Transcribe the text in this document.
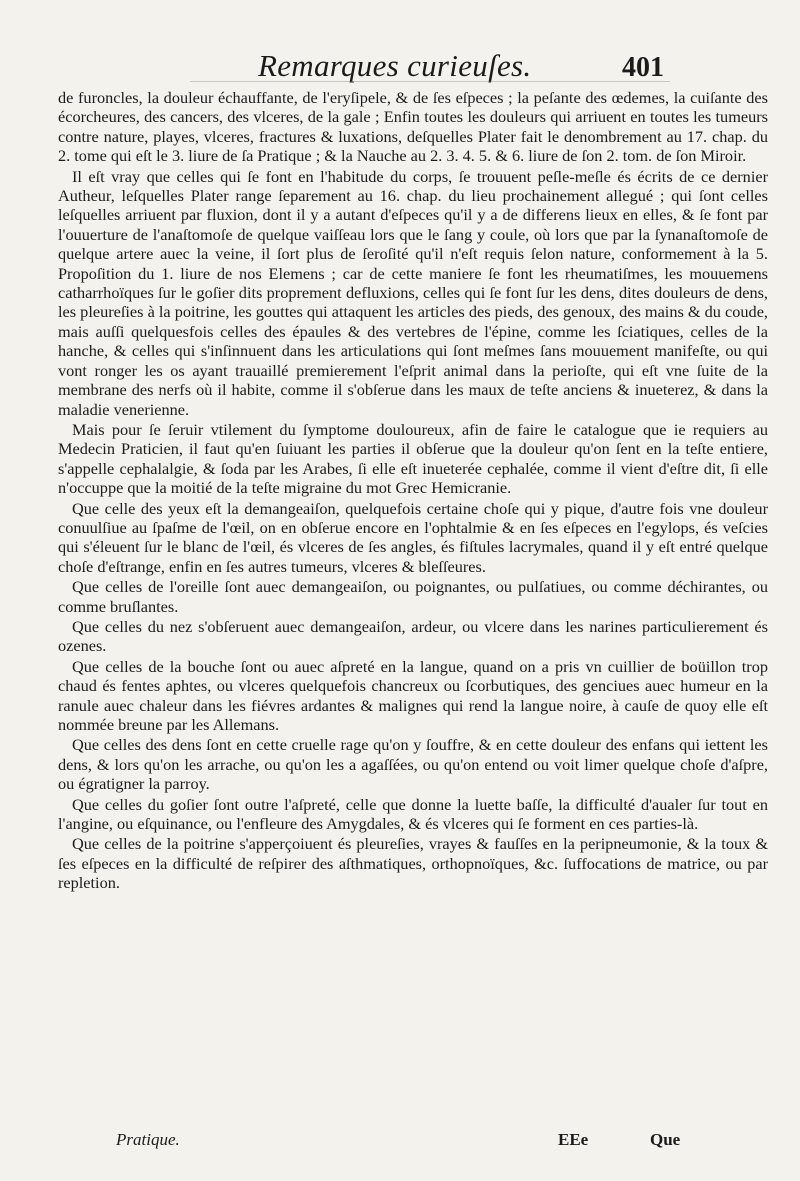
Remarques curieuſes.	401

de furoncles, la douleur échauffante, de l'eryſipele, & de ſes eſpeces ; la peſante des œdemes, la cuiſante des écorcheures, des cancers, des vlceres, de la gale ; Enfin toutes les douleurs qui arriuent en toutes les tumeurs contre nature, playes, vlceres, fractures & luxations, deſquelles Plater fait le denombrement au 17. chap. du 2. tome qui eſt le 3. liure de ſa Pratique ; & la Nauche au 2. 3. 4. 5. & 6. liure de ſon 2. tom. de ſon Miroir.

Il eſt vray que celles qui ſe font en l'habitude du corps, ſe trouuent peſle-meſle és écrits de ce dernier Autheur, leſquelles Plater range ſeparement au 16. chap. du lieu prochainement allegué ; qui ſont celles leſquelles arriuent par fluxion, dont il y a autant d'eſpeces qu'il y a de differens lieux en elles, & ſe font par l'ouuerture de l'anaſtomoſe de quelque vaiſſeau lors que le ſang y coule, où lors que par la ſynanaſtomoſe de quelque artere auec la veine, il ſort plus de ſeroſité qu'il n'eſt requis ſelon nature, conformement à la 5. Propoſition du 1. liure de nos Elemens ; car de cette maniere ſe font les rheumatiſmes, les mouuemens catharrhoïques ſur le goſier dits proprement defluxions, celles qui ſe font ſur les dens, dites douleurs de dens, les pleureſies à la poitrine, les gouttes qui attaquent les articles des pieds, des genoux, des mains & du coude, mais auſſi quelquesfois celles des épaules & des vertebres de l'épine, comme les ſciatiques, celles de la hanche, & celles qui s'inſinnuent dans les articulations qui ſont meſmes ſans mouuement manifeſte, ou qui vont ronger les os ayant trauaillé premierement l'eſprit animal dans la perioſte, qui eſt vne ſuite de la membrane des nerfs où il habite, comme il s'obſerue dans les maux de teſte anciens & inueterez, & dans la maladie venerienne.

Mais pour ſe ſeruir vtilement du ſymptome douloureux, afin de faire le catalogue que ie requiers au Medecin Praticien, il faut qu'en ſuiuant les parties il obſerue que la douleur qu'on ſent en la teſte entiere, s'appelle cephalalgie, & ſoda par les Arabes, ſi elle eſt inueterée cephalée, comme il vient d'eſtre dit, ſi elle n'occuppe que la moitié de la teſte migraine du mot Grec Hemicranie.

Que celle des yeux eſt la demangeaiſon, quelquefois certaine choſe qui y pique, d'autre fois vne douleur conuulſiue au ſpaſme de l'œil, on en obſerue encore en l'ophtalmie & en ſes eſpeces en l'egylops, és veſcies qui s'éleuent ſur le blanc de l'œil, és vlceres de ſes angles, és fiſtules lacrymales, quand il y eſt entré quelque choſe d'eſtrange, enfin en ſes autres tumeurs, vlceres & bleſſeures.

Que celles de l'oreille ſont auec demangeaiſon, ou poignantes, ou pulſatiues, ou comme déchirantes, ou comme bruſlantes.

Que celles du nez s'obſeruent auec demangeaiſon, ardeur, ou vlcere dans les narines particulierement és ozenes.

Que celles de la bouche ſont ou auec aſpreté en la langue, quand on a pris vn cuillier de boüillon trop chaud és fentes aphtes, ou vlceres quelquefois chancreux ou ſcorbutiques, des genciues auec humeur en la ranule auec chaleur dans les fiévres ardantes & malignes qui rend la langue noire, à cauſe de quoy elle eſt nommée breune par les Allemans.

Que celles des dens ſont en cette cruelle rage qu'on y ſouffre, & en cette douleur des enfans qui iettent les dens, & lors qu'on les arrache, ou qu'on les a agaſſées, ou qu'on entend ou voit limer quelque choſe d'aſpre, ou égratigner la parroy.

Que celles du goſier ſont outre l'aſpreté, celle que donne la luette baſſe, la difficulté d'aualer ſur tout en l'angine, ou eſquinance, ou l'enfleure des Amygdales, & és vlceres qui ſe forment en ces parties-là.

Que celles de la poitrine s'apperçoiuent és pleureſies, vrayes & fauſſes en la peripneumonie, & la toux & ſes eſpeces en la difficulté de reſpirer des aſthmatiques, orthopnoïques, &c. ſuffocations de matrice, ou par repletion.

Pratique.	EEe	Que
